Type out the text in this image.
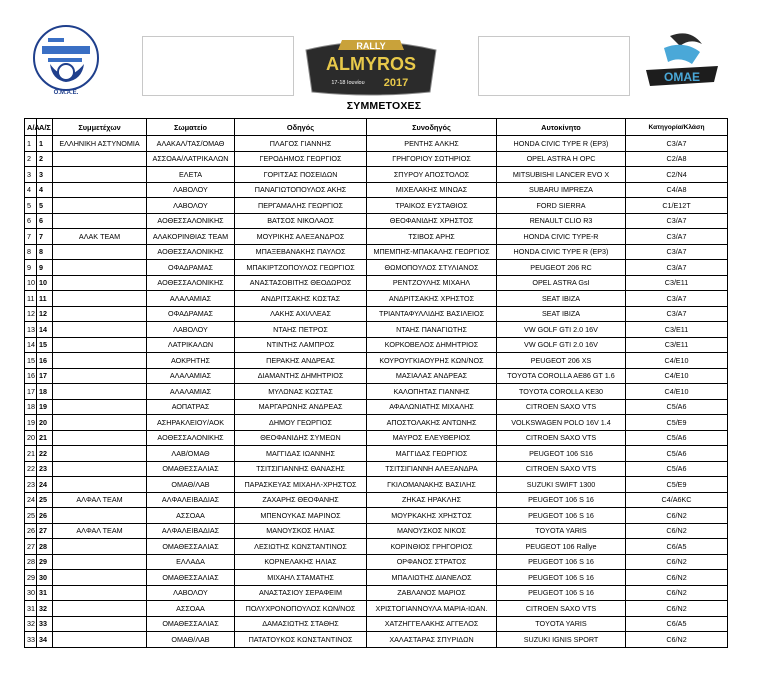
Ο.Μ.Α.Ε.
RALLY
ALMYROS
17-18 Ιουνίου 2017	ΟΜΑΕ
ΣΥΜΜΕΤΟΧΕΣ
Α/Α	Α/Σ	Συμμετέχων	Σωματείο	Οδηγός	Συνοδηγός	Αυτοκίνητο	Κατηγορία/Κλάση
1	1	ΕΛΛΗΝΙΚΗ ΑΣΤΥΝΟΜΙΑ	ΑΛΑΚΑΛ/ΤΑΣ/ΟΜΑΘ	ΠΛΑΓΟΣ ΓΙΑΝΝΗΣ	ΡΕΝΤΗΣ ΑΛΚΗΣ	HONDA CIVIC TYPE R (EP3)	C3/A7
2	2		ΑΣΣΟΑΑ/ΛΑΤΡΙΚΑΛΩΝ	ΓΕΡΟΔΗΜΟΣ ΓΕΩΡΓΙΟΣ	ΓΡΗΓΟΡΙΟΥ ΣΩΤΗΡΙΟΣ	OPEL ASTRA H OPC	C2/A8
3	3		ΕΛΕΤΑ	ΓΟΡΙΤΣΑΣ ΠΟΣΕΙΔΩΝ	ΣΠΥΡΟΥ ΑΠΟΣΤΟΛΟΣ	MITSUBISHI LANCER EVO X	C2/N4
4	4		ΛΑΒΟΛΟΥ	ΠΑΝΑΓΙΩΤΟΠΟΥΛΟΣ ΑΚΗΣ	ΜΙΧΕΛΑΚΗΣ ΜΙΝΩΑΣ	SUBARU IMPREZA	C4/A8
5	5		ΛΑΒΟΛΟΥ	ΠΕΡΓΑΜΑΛΗΣ ΓΕΩΡΓΙΟΣ	ΤΡΑΙΚΟΣ ΕΥΣΤΑΘΙΟΣ	FORD SIERRA	C1/E12T
6	6		ΑΟΘΕΣΣΑΛΟΝΙΚΗΣ	ΒΑΤΣΟΣ ΝΙΚΟΛΑΟΣ	ΘΕΟΦΑΝΙΔΗΣ ΧΡΗΣΤΟΣ	RENAULT CLIO R3	C3/A7
7	7	ΑΛΑΚ TEAM	ΑΛΑΚΟΡΙΝΘΙΑΣ TEAM	ΜΟΥΡΙΚΗΣ ΑΛΕΞΑΝΔΡΟΣ	ΤΣΙΒΟΣ ΑΡΗΣ	HONDA CIVIC TYPE-R	C3/A7
8	8		ΑΟΘΕΣΣΑΛΟΝΙΚΗΣ	ΜΠΑΞΕΒΑΝΑΚΗΣ ΠΑΥΛΟΣ	ΜΠΕΜΠΗΣ-ΜΠΑΚΑΛΗΣ ΓΕΩΡΓΙΟΣ	HONDA CIVIC TYPE R (EP3)	C3/A7
9	9		ΟΦΑΔΡΑΜΑΣ	ΜΠΑΚΙΡΤΖΟΠΟΥΛΟΣ ΓΕΩΡΓΙΟΣ	ΘΩΜΟΠΟΥΛΟΣ ΣΤΥΛΙΑΝΟΣ	PEUGEOT 206 RC	C3/A7
10	10		ΑΟΘΕΣΣΑΛΟΝΙΚΗΣ	ΑΝΑΣΤΑΣΟΒΙΤΗΣ ΘΕΟΔΩΡΟΣ	ΡΕΝΤΖΟΥΛΗΣ ΜΙΧΑΗΛ	OPEL ASTRA GsI	C3/E11
11	11		ΑΛΑΛΑΜΙΑΣ	ΑΝΔΡΙΤΣΑΚΗΣ ΚΩΣΤΑΣ	ΑΝΔΡΙΤΣΑΚΗΣ ΧΡΗΣΤΟΣ	SEAT IBIZA	C3/A7
12	12		ΟΦΑΔΡΑΜΑΣ	ΛΑΚΗΣ ΑΧΙΛΛΕΑΣ	ΤΡΙΑΝΤΑΦΥΛΛΙΔΗΣ ΒΑΣΙΛΕΙΟΣ	SEAT IBIZA	C3/A7
13	14		ΛΑΒΟΛΟΥ	ΝΤΑΗΣ ΠΕΤΡΟΣ	ΝΤΑΗΣ ΠΑΝΑΓΙΩΤΗΣ	VW GOLF GTI 2.0 16V	C3/E11
14	15		ΛΑΤΡΙΚΑΛΩΝ	ΝΤΙΝΤΗΣ ΛΑΜΠΡΟΣ	ΚΟΡΚΟΒΕΛΟΣ ΔΗΜΗΤΡΙΟΣ	VW GOLF GTI 2.0 16V	C3/E11
15	16		ΑΟΚΡΗΤΗΣ	ΠΕΡΑΚΗΣ ΑΝΔΡΕΑΣ	ΚΟΥΡΟΥΓΚΙΑΟΥΡΗΣ ΚΩΝ/ΝΟΣ	PEUGEOT 206 XS	C4/E10
16	17		ΑΛΑΛΑΜΙΑΣ	ΔΙΑΜΑΝΤΗΣ ΔΗΜΗΤΡΙΟΣ	ΜΑΣΙΑΛΑΣ ΑΝΔΡΕΑΣ	TOYOTA COROLLA AE86 GT 1.6	C4/E10
17	18		ΑΛΑΛΑΜΙΑΣ	ΜΥΛΩΝΑΣ ΚΩΣΤΑΣ	ΚΑΛΟΠΗΤΑΣ ΓΙΑΝΝΗΣ	TOYOTA COROLLA KE30	C4/E10
18	19		ΑΟΠΑΤΡΑΣ	ΜΑΡΓΑΡΩΝΗΣ ΑΝΔΡΕΑΣ	ΑΦΑΛΩΝΙΑΤΗΣ ΜΙΧΑΛΗΣ	CITROEN SAXO VTS	C5/A6
19	20		ΑΣΗΡΑΚΛΕΙΟΥ/ΑΟΚ	ΔΗΜΟΥ ΓΕΩΡΓΙΟΣ	ΑΠΟΣΤΟΛΑΚΗΣ ΑΝΤΩΝΗΣ	VOLKSWAGEN POLO 16V 1.4	C5/E9
20	21		ΑΟΘΕΣΣΑΛΟΝΙΚΗΣ	ΘΕΟΦΑΝΙΔΗΣ ΣΥΜΕΩΝ	ΜΑΥΡΟΣ ΕΛΕΥΘΕΡΙΟΣ	CITROEN SAXO VTS	C5/A6
21	22		ΛΑΒ/ΟΜΑΘ	ΜΑΓΓΙΔΑΣ ΙΩΑΝΝΗΣ	ΜΑΓΓΙΔΑΣ ΓΕΩΡΓΙΟΣ	PEUGEOT 106 S16	C5/A6
22	23		ΟΜΑΘΕΣΣΑΛΙΑΣ	ΤΣΙΤΣΙΓΙΑΝΝΗΣ ΘΑΝΑΣΗΣ	ΤΣΙΤΣΙΓΙΑΝΝΗ ΑΛΕΞΑΝΔΡΑ	CITROEN SAXO VTS	C5/A6
23	24		ΟΜΑΘ/ΛΑΒ	ΠΑΡΑΣΚΕΥΑΣ ΜΙΧΑΗΛ-ΧΡΗΣΤΟΣ	ΓΚΙΛΟΜΑΝΑΚΗΣ ΒΑΣΙΛΗΣ	SUZUKI SWIFT 1300	C5/E9
24	25	ΑΛΦΑΛ TEAM	ΑΛΦΑΛΕΙΒΑΔΙΑΣ	ΖΑΧΑΡΗΣ ΘΕΟΦΑΝΗΣ	ΖΗΚΑΣ ΗΡΑΚΛΗΣ	PEUGEOT 106 S 16	C4/A6KC
25	26		ΑΣΣΟΑΑ	ΜΠΕΝΟΥΚΑΣ ΜΑΡΙΝΟΣ	ΜΟΥΡΚΑΚΗΣ ΧΡΗΣΤΟΣ	PEUGEOT 106 S 16	C6/N2
26	27	ΑΛΦΑΛ TEAM	ΑΛΦΑΛΕΙΒΑΔΙΑΣ	ΜΑΝΟΥΣΚΟΣ ΗΛΙΑΣ	ΜΑΝΟΥΣΚΟΣ ΝΙΚΟΣ	TOYOTA YARIS	C6/N2
27	28		ΟΜΑΘΕΣΣΑΛΙΑΣ	ΛΕΣΙΩΤΗΣ ΚΩΝΣΤΑΝΤΙΝΟΣ	ΚΟΡΙΝΘΙΟΣ ΓΡΗΓΟΡΙΟΣ	PEUGEOT 106 Rallye	C6/A5
28	29		ΕΛΛΑΔΑ	ΚΟΡΝΕΛΑΚΗΣ ΗΛΙΑΣ	ΟΡΦΑΝΟΣ ΣΤΡΑΤΟΣ	PEUGEOT 106 S 16	C6/N2
29	30		ΟΜΑΘΕΣΣΑΛΙΑΣ	ΜΙΧΑΗΛ ΣΤΑΜΑΤΗΣ	ΜΠΑΛΙΩΤΗΣ ΔΙΑΝΕΛΟΣ	PEUGEOT 106 S 16	C6/N2
30	31		ΛΑΒΟΛΟΥ	ΑΝΑΣΤΑΣΙΟΥ ΣΕΡΑΦΕΙΜ	ΖΑΒΛΑΝΟΣ ΜΑΡΙΟΣ	PEUGEOT 106 S 16	C6/N2
31	32		ΑΣΣΟΑΑ	ΠΟΛΥΧΡΟΝΟΠΟΥΛΟΣ ΚΩΝ/ΝΟΣ	ΧΡΙΣΤΟΓΙΑΝΝΟΥΛΑ ΜΑΡΙΑ-ΙΩΑΝ.	CITROEN SAXO VTS	C6/N2
32	33		ΟΜΑΘΕΣΣΑΛΙΑΣ	ΔΑΜΑΣΙΩΤΗΣ ΣΤΑΘΗΣ	ΧΑΤΖΗΓΓΕΛΑΚΗΣ ΑΓΓΕΛΟΣ	TOYOTA YARIS	C6/A5
33	34		ΟΜΑΘ/ΛΑΒ	ΠΑΤΑΤΟΥΚΟΣ ΚΩΝΣΤΑΝΤΙΝΟΣ	ΧΑΛΑΣΤΑΡΑΣ ΣΠΥΡΙΔΩΝ	SUZUKI IGNIS SPORT	C6/N2
